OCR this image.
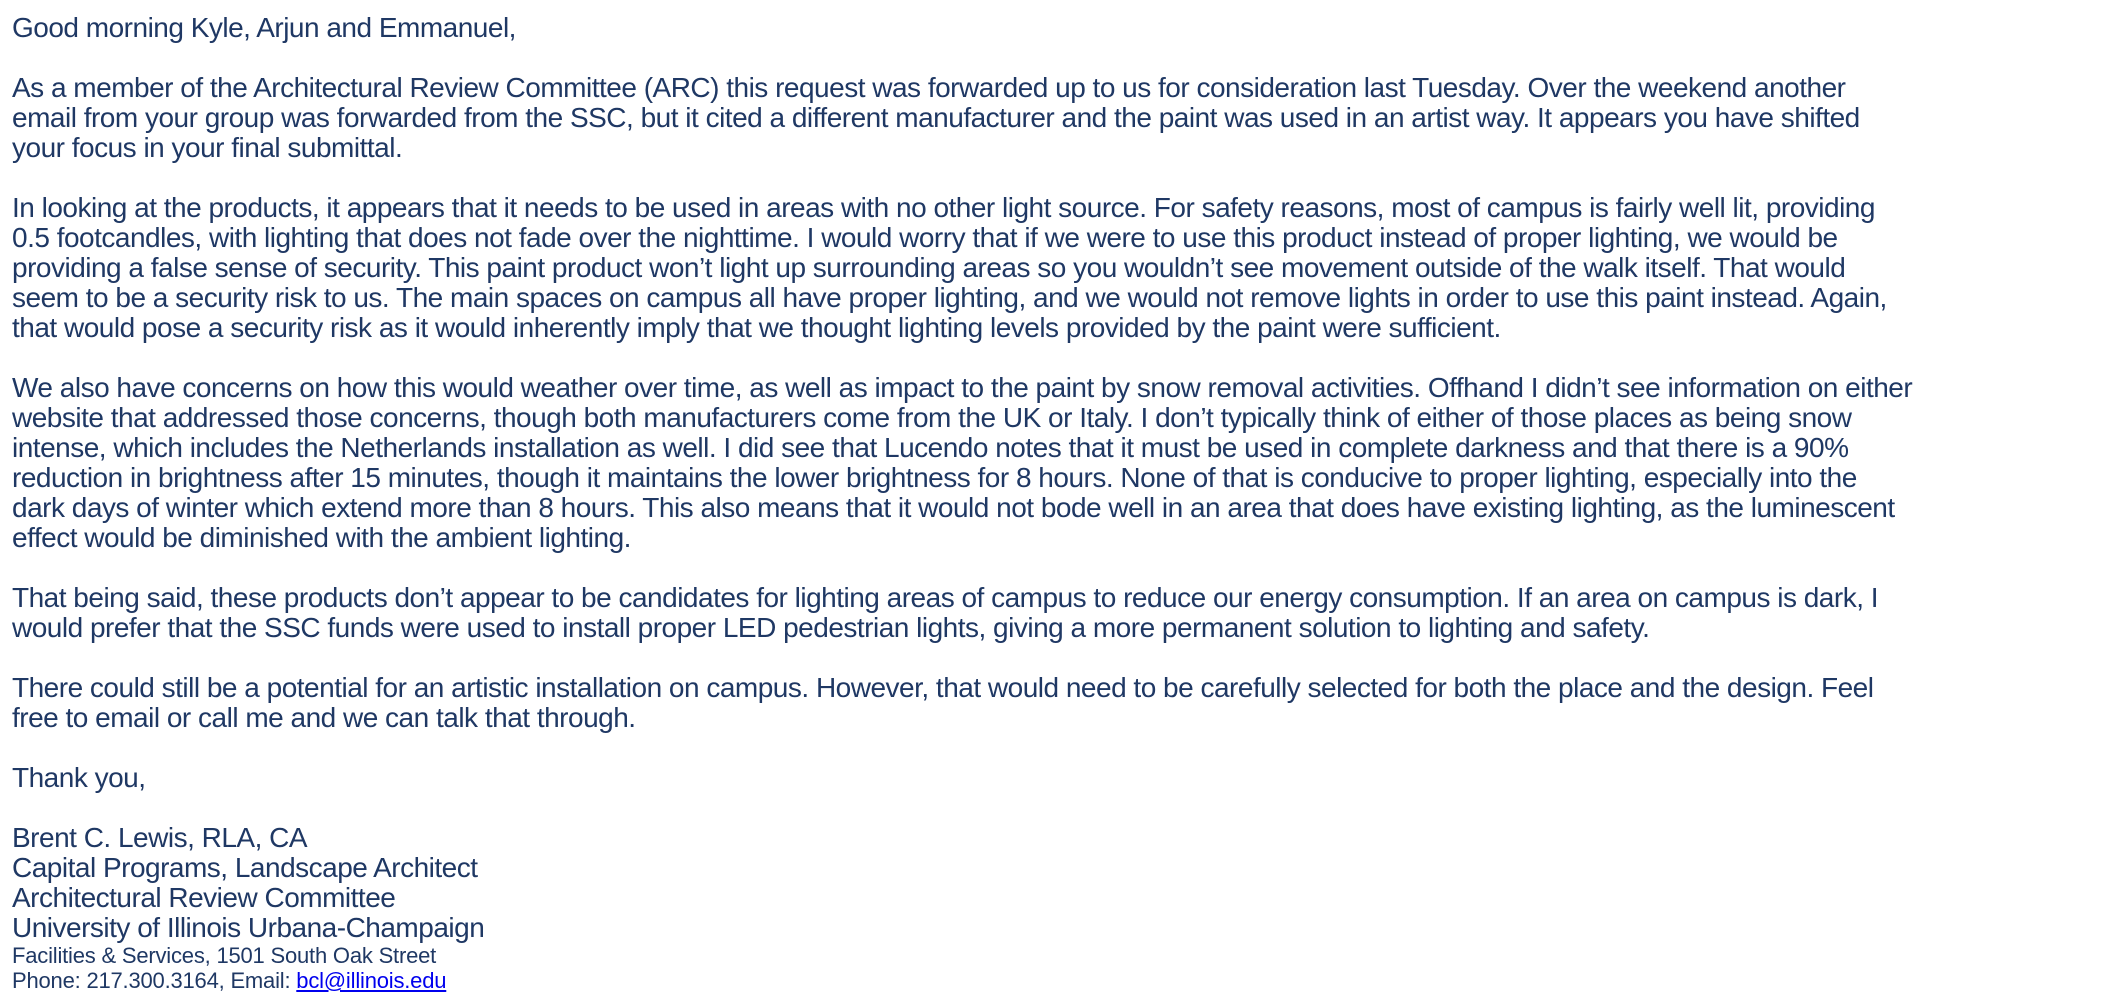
Good morning Kyle, Arjun and Emmanuel,

As a member of the Architectural Review Committee (ARC) this request was forwarded up to us for consideration last Tuesday. Over the weekend another
email from your group was forwarded from the SSC, but it cited a different manufacturer and the paint was used in an artist way. It appears you have shifted
your focus in your final submittal.

In looking at the products, it appears that it needs to be used in areas with no other light source. For safety reasons, most of campus is fairly well lit, providing
0.5 footcandles, with lighting that does not fade over the nighttime. I would worry that if we were to use this product instead of proper lighting, we would be
providing a false sense of security. This paint product won’t light up surrounding areas so you wouldn’t see movement outside of the walk itself. That would
seem to be a security risk to us. The main spaces on campus all have proper lighting, and we would not remove lights in order to use this paint instead. Again,
that would pose a security risk as it would inherently imply that we thought lighting levels provided by the paint were sufficient.

We also have concerns on how this would weather over time, as well as impact to the paint by snow removal activities. Offhand I didn’t see information on either
website that addressed those concerns, though both manufacturers come from the UK or Italy. I don’t typically think of either of those places as being snow
intense, which includes the Netherlands installation as well. I did see that Lucendo notes that it must be used in complete darkness and that there is a 90%
reduction in brightness after 15 minutes, though it maintains the lower brightness for 8 hours. None of that is conducive to proper lighting, especially into the
dark days of winter which extend more than 8 hours. This also means that it would not bode well in an area that does have existing lighting, as the luminescent
effect would be diminished with the ambient lighting.

That being said, these products don’t appear to be candidates for lighting areas of campus to reduce our energy consumption. If an area on campus is dark, I
would prefer that the SSC funds were used to install proper LED pedestrian lights, giving a more permanent solution to lighting and safety.

There could still be a potential for an artistic installation on campus. However, that would need to be carefully selected for both the place and the design. Feel
free to email or call me and we can talk that through.

Thank you,

Brent C. Lewis, RLA, CA
Capital Programs, Landscape Architect
Architectural Review Committee
University of Illinois Urbana-Champaign
Facilities & Services, 1501 South Oak Street
Phone: 217.300.3164, Email: bcl@illinois.edu
